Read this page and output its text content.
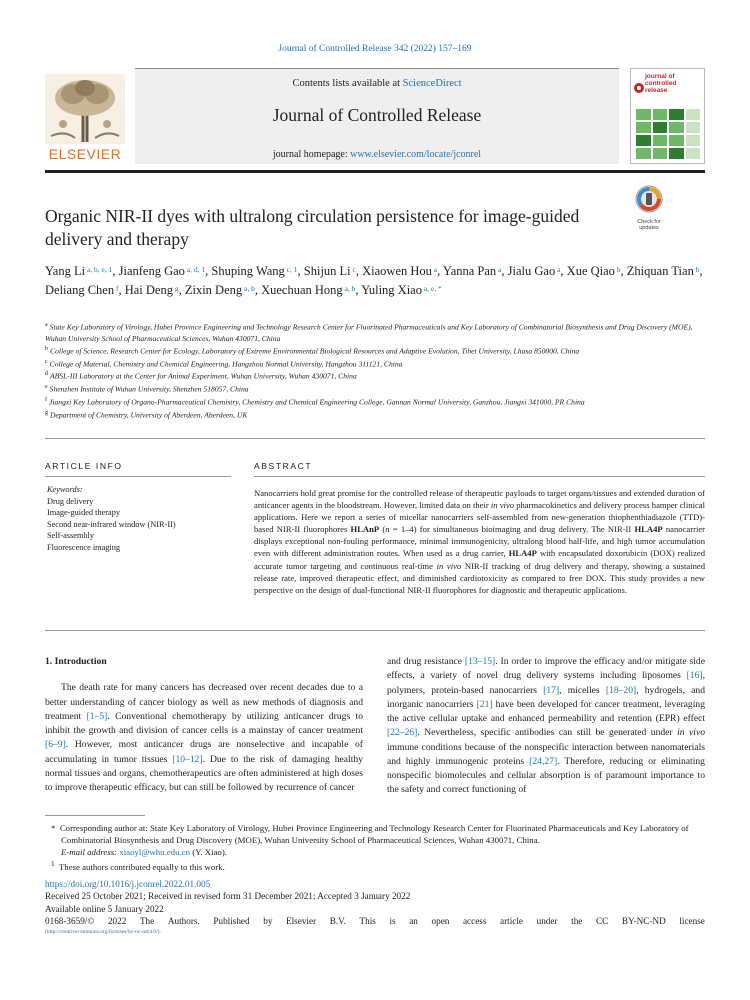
Journal of Controlled Release 342 (2022) 157–169
ELSEVIER
Contents lists available at ScienceDirect
Journal of Controlled Release
journal homepage: www.elsevier.com/locate/jconrel
journal of
controlled
release
Organic NIR-II dyes with ultralong circulation persistence for image-guided delivery and therapy
Check for
updates
Yang Li $^{a, b, e, 1}$, Jianfeng Gao $^{a, d, 1}$, Shuping Wang $^{c, 1}$, Shijun Li $^c$, Xiaowen Hou $^a$, Yanna Pan $^a$, Jialu Gao $^a$, Xue Qiao $^b$, Zhiquan Tian $^b$, Deliang Chen $^f$, Hai Deng $^g$, Zixin Deng $^{a, b}$, Xuechuan Hong $^{a, b}$, Yuling Xiao $^{a, e, *}$
$^a$ State Key Laboratory of Virology, Hubei Province Engineering and Technology Research Center for Fluorinated Pharmaceuticals and Key Laboratory of Combinatorial Biosynthesis and Drug Discovery (MOE), Wuhan University School of Pharmaceutical Sciences, Wuhan 430071, China
$^b$ College of Science, Research Center for Ecology, Laboratory of Extreme Environmental Biological Resources and Adaptive Evolution, Tibet University, Lhasa 850000, China
$^c$ College of Material, Chemistry and Chemical Engineering, Hangzhou Normal University, Hangzhou 311121, China
$^d$ ABSL-III Laboratory at the Center for Animal Experiment, Wuhan University, Wuhan 430071, China
$^e$ Shenzhen Institute of Wuhan University, Shenzhen 518057, China
$^f$ Jiangxi Key Laboratory of Organo-Pharmaceutical Chemistry, Chemistry and Chemical Engineering College, Gannan Normal University, Ganzhou, Jiangxi 341000, PR China
$^g$ Department of Chemistry, University of Aberdeen, Aberdeen, UK
ARTICLE INFO	ABSTRACT
Keywords:
Drug delivery
Image-guided therapy
Second near-infrared window (NIR-II)
Self-assembly
Fluorescence imaging
Nanocarriers hold great promise for the controlled release of therapeutic payloads to target organs/tissues and extended duration of anticancer agents in the bloodstream. However, limited data on their in vivo pharmacokinetics and delivery process hamper clinical applications. Here we report a series of micellar nanocarriers self-assembled from new-generation thiophenthiadiazole (TTD)-based NIR-II fluorophores HLAnP (n = 1–4) for simultaneous bioimaging and drug delivery. The NIR-II HLA4P nanocarrier displays exceptional non-fouling performance, minimal immunogenicity, ultralong blood half-life, and high tumor accumulation even with different administration routes. When used as a drug carrier, HLA4P with encapsulated doxorubicin (DOX) realized accurate tumor targeting and continuous real-time in vivo NIR-II tracking of drug delivery and therapy, showing a sustained release rate, improved therapeutic effect, and diminished cardiotoxicity as compared to free DOX. This study provides a new perspective on the design of dual-functional NIR-II fluorophores for diagnostic and therapeutic applications.
1. Introduction

The death rate for many cancers has decreased over recent decades due to a better understanding of cancer biology as well as new methods of diagnosis and treatment [1–5]. Conventional chemotherapy by utilizing anticancer drugs to inhibit the growth and division of cancer cells is a mainstay of cancer treatment [6–9]. However, most anticancer drugs are nonselective and incapable of accumulating in tumor tissues [10–12]. Due to the risk of damaging healthy normal tissues and organs, chemotherapeutics are often administered at high doses to improve therapeutic efficacy, but can still be followed by recurrence of cancer

and drug resistance [13–15]. In order to improve the efficacy and/or mitigate side effects, a variety of novel drug delivery systems including liposomes [16], polymers, protein-based nanocarriers [17], micelles [18–20], hydrogels, and inorganic nanocarriers [21] have been developed for cancer treatment, leveraging the active cellular uptake and enhanced permeability and retention (EPR) effect [22–26]. Nevertheless, specific antibodies can still be generated under in vivo immune conditions because of the nonspecific interaction between nanomaterials and highly immunogenic proteins [24,27]. Therefore, reducing or eliminating nonspecific biomolecules and cellular absorption is of paramount importance to the safety and correct functioning of

* Corresponding author at: State Key Laboratory of Virology, Hubei Province Engineering and Technology Research Center for Fluorinated Pharmaceuticals and Key Laboratory of Combinatorial Biosynthesis and Drug Discovery (MOE), Wuhan University School of Pharmaceutical Sciences, Wuhan 430071, China.
E-mail address: xiaoyl@whu.edu.cn (Y. Xiao).
$^1$ These authors contributed equally to this work.
https://doi.org/10.1016/j.jconrel.2022.01.005
Received 25 October 2021; Received in revised form 31 December 2021; Accepted 3 January 2022
Available online 5 January 2022
0168-3659/© 2022 The Authors. Published by Elsevier B.V. This is an open access article under the CC BY-NC-ND license
(http://creativecommons.org/licenses/by-nc-nd/4.0/).
